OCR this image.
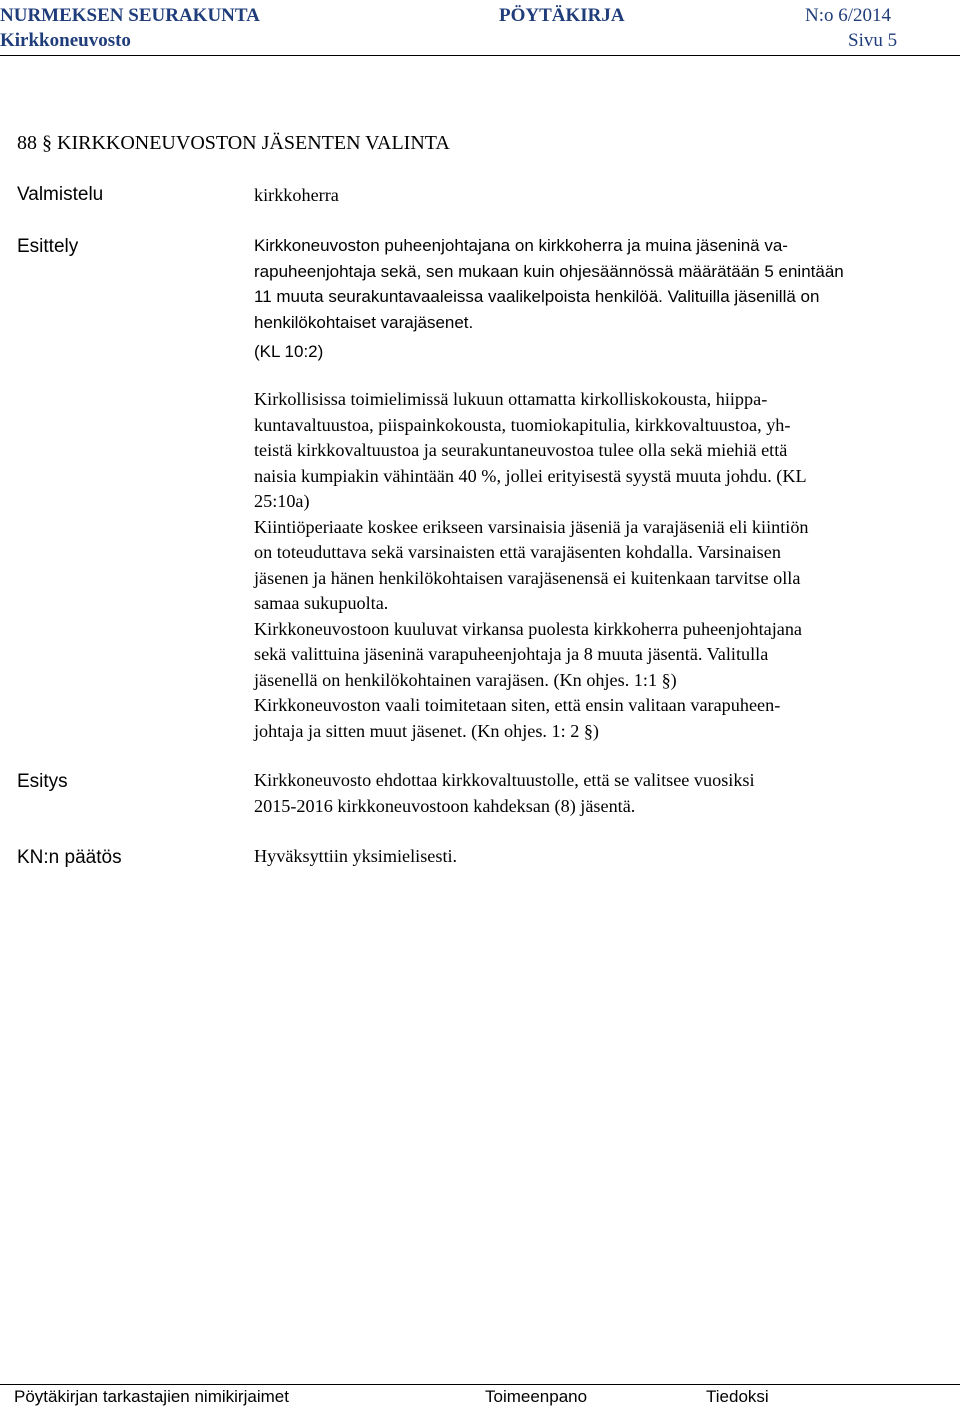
NURMEKSEN SEURAKUNTA	PÖYTÄKIRJA	N:o 6/2014
Kirkkoneuvosto	Sivu 5
88 § KIRKKONEUVOSTON JÄSENTEN VALINTA
Valmistelu	kirkkoherra
Esittely	Kirkkoneuvoston puheenjohtajana on kirkkoherra ja muina jäseninä va-
rapuheenjohtaja sekä, sen mukaan kuin ohjesäännössä määrätään 5 enintään
11 muuta seurakuntavaaleissa vaalikelpoista henkilöä. Valituilla jäsenillä on
henkilökohtaiset varajäsenet.
(KL 10:2)
Kirkollisissa toimielimissä lukuun ottamatta kirkolliskokousta, hiippa-
kuntavaltuustoa, piispainkokousta, tuomiokapitulia, kirkkovaltuustoa, yh-
teistä kirkkovaltuustoa ja seurakuntaneuvostoa tulee olla sekä miehiä että
naisia kumpiakin vähintään 40 %, jollei erityisestä syystä muuta johdu. (KL
25:10a)
Kiintiöperiaate koskee erikseen varsinaisia jäseniä ja varajäseniä eli kiintiön
on toteuduttava sekä varsinaisten että varajäsenten kohdalla. Varsinaisen
jäsenen ja hänen henkilökohtaisen varajäsenensä ei kuitenkaan tarvitse olla
samaa sukupuolta.
Kirkkoneuvostoon kuuluvat virkansa puolesta kirkkoherra puheenjohtajana
sekä valittuina jäseninä varapuheenjohtaja ja 8 muuta jäsentä. Valitulla
jäsenellä on henkilökohtainen varajäsen. (Kn ohjes. 1:1 §)
Kirkkoneuvoston vaali toimitetaan siten, että ensin valitaan varapuheen-
johtaja ja sitten muut jäsenet. (Kn ohjes. 1: 2 §)
Esitys	Kirkkoneuvosto ehdottaa kirkkovaltuustolle, että se valitsee vuosiksi
2015-2016 kirkkoneuvostoon kahdeksan (8) jäsentä.
KN:n päätös	Hyväksyttiin yksimielisesti.
Pöytäkirjan tarkastajien nimikirjaimet	Toimeenpano	Tiedoksi
